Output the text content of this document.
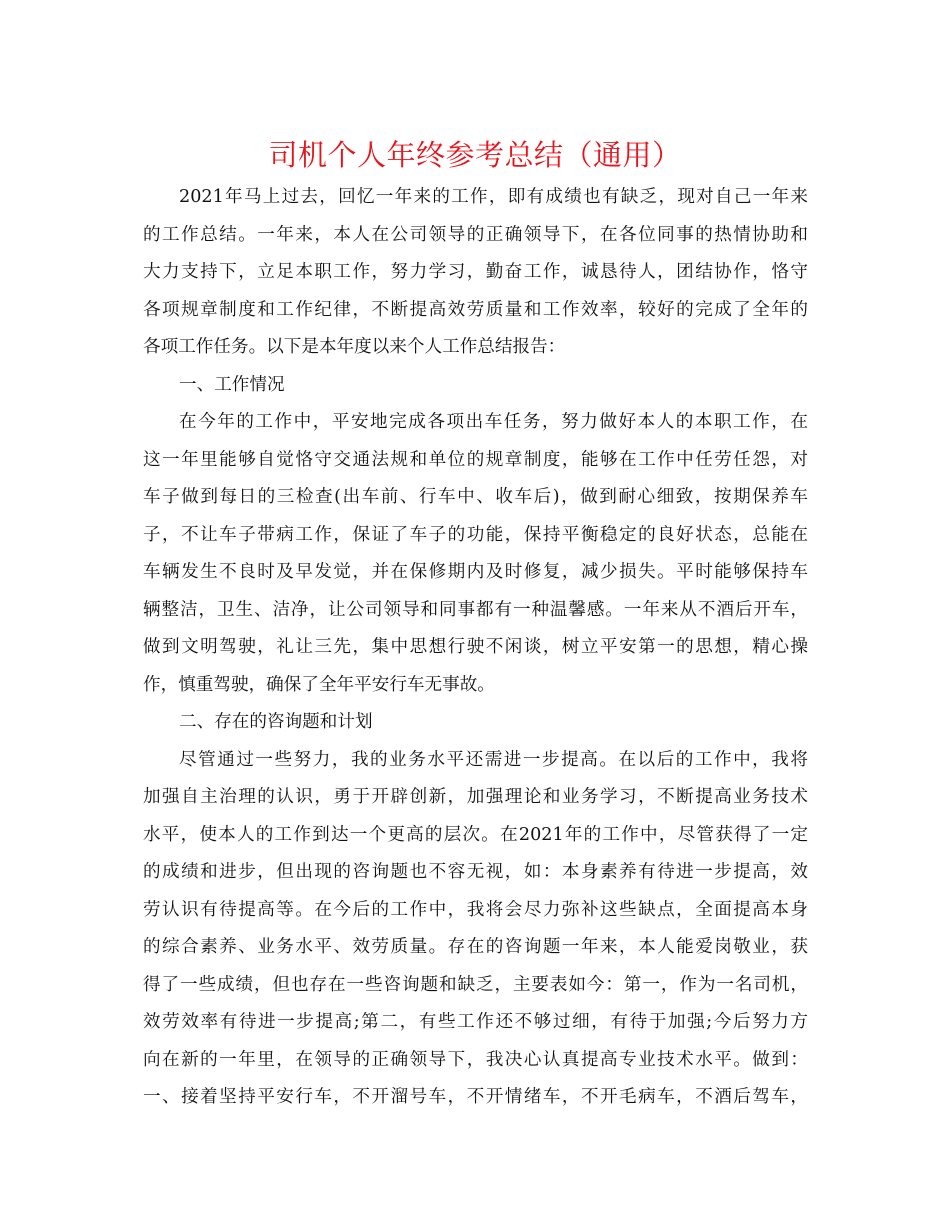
司机个人年终参考总结（通用）
2021年马上过去，回忆一年来的工作，即有成绩也有缺乏，现对自己一年来
的工作总结。一年来，本人在公司领导的正确领导下，在各位同事的热情协助和
大力支持下，立足本职工作，努力学习，勤奋工作，诚恳待人，团结协作，恪守
各项规章制度和工作纪律，不断提高效劳质量和工作效率，较好的完成了全年的
各项工作任务。以下是本年度以来个人工作总结报告：
一、工作情况
在今年的工作中，平安地完成各项出车任务，努力做好本人的本职工作，在
这一年里能够自觉恪守交通法规和单位的规章制度，能够在工作中任劳任怨，对
车子做到每日的三检查(出车前、行车中、收车后)，做到耐心细致，按期保养车
子，不让车子带病工作，保证了车子的功能，保持平衡稳定的良好状态，总能在
车辆发生不良时及早发觉，并在保修期内及时修复，减少损失。平时能够保持车
辆整洁，卫生、洁净，让公司领导和同事都有一种温馨感。一年来从不酒后开车，
做到文明驾驶，礼让三先，集中思想行驶不闲谈，树立平安第一的思想，精心操
作，慎重驾驶，确保了全年平安行车无事故。
二、存在的咨询题和计划
尽管通过一些努力，我的业务水平还需进一步提高。在以后的工作中，我将
加强自主治理的认识，勇于开辟创新，加强理论和业务学习，不断提高业务技术
水平，使本人的工作到达一个更高的层次。在2021年的工作中，尽管获得了一定
的成绩和进步，但出现的咨询题也不容无视，如：本身素养有待进一步提高，效
劳认识有待提高等。在今后的工作中，我将会尽力弥补这些缺点，全面提高本身
的综合素养、业务水平、效劳质量。存在的咨询题一年来，本人能爱岗敬业，获
得了一些成绩，但也存在一些咨询题和缺乏，主要表如今：第一，作为一名司机，
效劳效率有待进一步提高;第二，有些工作还不够过细，有待于加强;今后努力方
向在新的一年里，在领导的正确领导下，我决心认真提高专业技术水平。做到：
一、接着坚持平安行车，不开溜号车，不开情绪车，不开毛病车，不酒后驾车，
